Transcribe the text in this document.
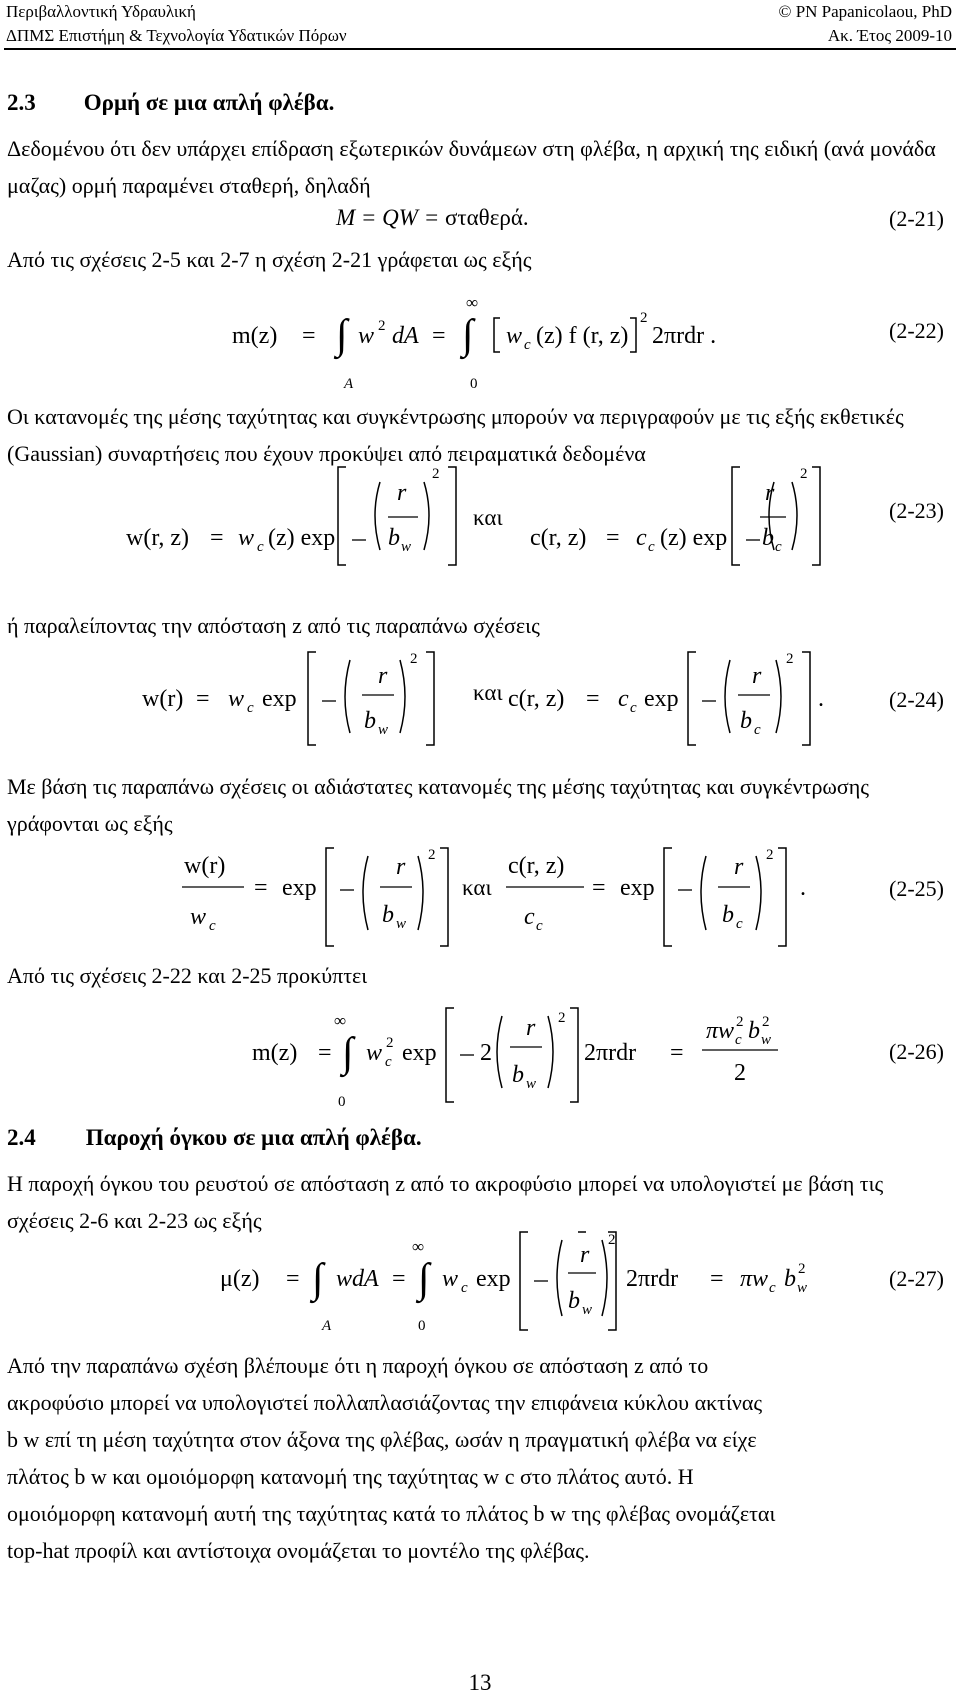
Περιβαλλοντική Υδραυλική
ΔΠΜΣ Επιστήμη & Τεχνολογία Υδατικών Πόρων
© PN Papanicolaou, PhD
Ακ. Έτος 2009-10
2.3 Ορμή σε μια απλή φλέβα.
Δεδομένου ότι δεν υπάρχει επίδραση εξωτερικών δυνάμεων στη φλέβα, η αρχική της ειδική (ανά μονάδα μαζας) ορμή παραμένει σταθερή, δηλαδή
M = QW = σταθερά.	(2-21)
Από τις σχέσεις 2-5 και 2-7 η σχέση 2-21 γράφεται ως εξής
m(z) = ∫
A
w 2 dA = ∫
∞
0
w c (z) f (r, z)
2
2πrdr .	(2-22)
Οι κατανομές της μέσης ταχύτητας και συγκέντρωσης μπορούν να περιγραφούν με τις εξής εκθετικές (Gaussian) συναρτήσεις που έχουν προκύψει από πειραματικά δεδομένα
w(r, z) = w c (z) exp
r
b w
2
και
c(r, z) = c c (z) exp
r
b c
2
(2-23)
ή παραλείποντας την απόσταση z από τις παραπάνω σχέσεις
w(r) = w c exp
r
b w
2
και c(r, z) = c c exp
r
b c
2
.	(2-24)
Με βάση τις παραπάνω σχέσεις οι αδιάστατες κατανομές της μέσης ταχύτητας και συγκέντρωσης γράφονται ως εξής
w(r)
w c
= exp
r
b w
2
και
c(r, z)
c c
= exp
r
b c
2
.	(2-25)
Από τις σχέσεις 2-22 και 2-25 προκύπτει
m(z) = ∫
∞
0
w 2
c exp 2
r
b w
2
2πrdr =
πw 2
c b 2
w
2
(2-26)
2.4 Παροχή όγκου σε μια απλή φλέβα.
Η παροχή όγκου του ρευστού σε απόσταση z από το ακροφύσιο μπορεί να υπολογιστεί με βάση τις σχέσεις 2-6 και 2-23 ως εξής
μ(z) = ∫
A
wdA = ∫
∞
0
w c exp
r
b w
2
2πrdr = πw c b 2
w	(2-27)
Από την παραπάνω σχέση βλέπουμε ότι η παροχή όγκου σε απόσταση z από το
ακροφύσιο μπορεί να υπολογιστεί πολλαπλασιάζοντας την επιφάνεια κύκλου ακτίνας
b w επί τη μέση ταχύτητα στον άξονα της φλέβας, ωσάν η πραγματική φλέβα να είχε
πλάτος b w και ομοιόμορφη κατανομή της ταχύτητας w c στο πλάτος αυτό. Η
ομοιόμορφη κατανομή αυτή της ταχύτητας κατά το πλάτος b w της φλέβας ονομάζεται
top-hat προφίλ και αντίστοιχα ονομάζεται το μοντέλο της φλέβας.
13
